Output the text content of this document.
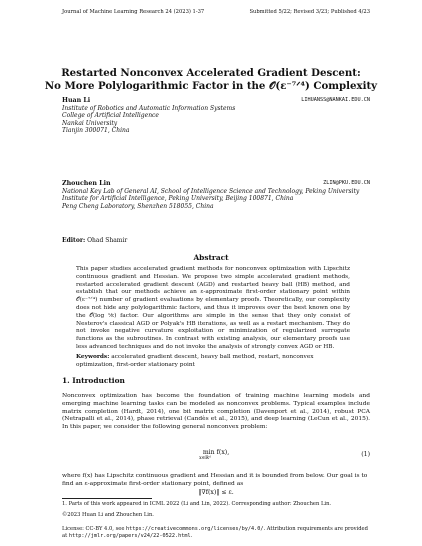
Journal of Machine Learning Research 24 (2023) 1-37	Submitted 5/22; Revised 3/23; Published 4/23
Restarted Nonconvex Accelerated Gradient Descent:
No More Polylogarithmic Factor in the 𝒪(ε⁻⁷ᐟ⁴) Complexity
Huan Li	LIHUANSS@NANKAI.EDU.CN
Institute of Robotics and Automatic Information Systems
College of Artificial Intelligence
Nankai University
Tianjin 300071, China
Zhouchen Lin	ZLIN@PKU.EDU.CN
National Key Lab of General AI, School of Intelligence Science and Technology, Peking University
Institute for Artificial Intelligence, Peking University, Beijing 100871, China
Peng Cheng Laboratory, Shenzhen 518055, China
Editor: Ohad Shamir
Abstract
This paper studies accelerated gradient methods for nonconvex optimization with Lipschitz continuous gradient and Hessian. We propose two simple accelerated gradient methods, restarted accelerated gradient descent (AGD) and restarted heavy ball (HB) method, and establish that our methods achieve an ε-approximate first-order stationary point within 𝒪(ε⁻⁷ᐟ⁴) number of gradient evaluations by elementary proofs. Theoretically, our complexity does not hide any polylogarithmic factors, and thus it improves over the best known one by the 𝒪(log ¹⁄ε) factor. Our algorithms are simple in the sense that they only consist of Nesterov's classical AGD or Polyak's HB iterations, as well as a restart mechanism. They do not invoke negative curvature exploitation or minimization of regularized surrogate functions as the subroutines. In contrast with existing analysis, our elementary proofs use less advanced techniques and do not invoke the analysis of strongly convex AGD or HB.
Keywords: accelerated gradient descent, heavy ball method, restart, nonconvex optimization, first-order stationary point
1. Introduction
Nonconvex optimization has become the foundation of training machine learning models and emerging machine learning tasks can be modeled as nonconvex problems. Typical examples include matrix completion (Hardt, 2014), one bit matrix completion (Davenport et al., 2014), robust PCA (Netrapalli et al., 2014), phase retrieval (Candès et al., 2015), and deep learning (LeCun et al., 2015). In this paper, we consider the following general nonconvex problem:
min f(x),
x∈ℝᵈ
(1)
where f(x) has Lipschitz continuous gradient and Hessian and it is bounded from below. Our goal is to find an ε-approximate first-order stationary point, defined as
‖∇f(x)‖ ≤ ε.
1. Parts of this work appeared in ICML 2022 (Li and Lin, 2022). Corresponding author: Zhouchen Lin.
©2023 Huan Li and Zhouchen Lin.
License: CC-BY 4.0, see https://creativecommons.org/licenses/by/4.0/. Attribution requirements are provided at http://jmlr.org/papers/v24/22-0522.html.
